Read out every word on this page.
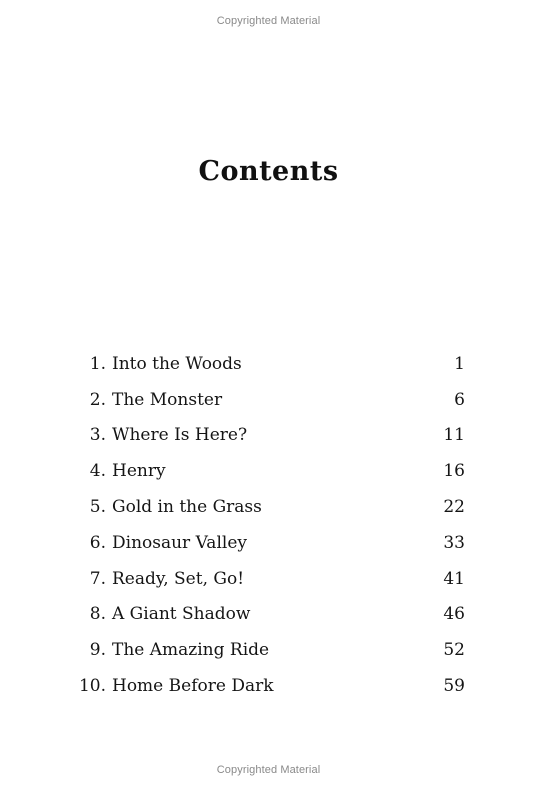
Copyrighted Material
Contents
1. Into the Woods	1
2. The Monster	6
3. Where Is Here?	11
4. Henry	16
5. Gold in the Grass	22
6. Dinosaur Valley	33
7. Ready, Set, Go!	41
8. A Giant Shadow	46
9. The Amazing Ride	52
10. Home Before Dark	59
Copyrighted Material
